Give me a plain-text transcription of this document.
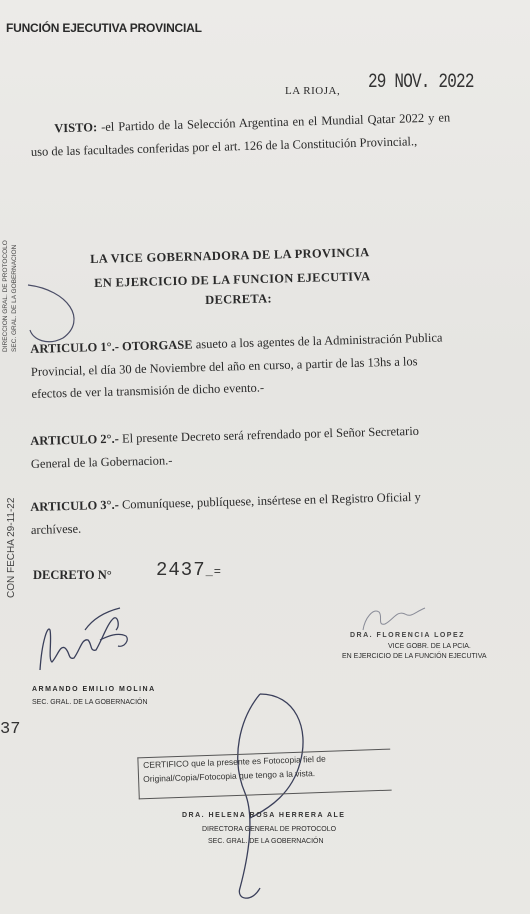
FUNCIÓN EJECUTIVA PROVINCIAL
LA RIOJA, 29 NOV. 2022
VISTO: -el Partido de la Selección Argentina en el Mundial Qatar 2022 y en uso de las facultades conferidas por el art. 126 de la Constitución Provincial.,
LA VICE GOBERNADORA DE LA PROVINCIA
EN EJERCICIO DE LA FUNCION EJECUTIVA
DECRETA:
ARTICULO 1°.- OTORGASE asueto a los agentes de la Administración Publica Provincial, el día 30 de Noviembre del año en curso, a partir de las 13hs a los efectos de ver la transmisión de dicho evento.-
ARTICULO 2°.- El presente Decreto será refrendado por el Señor Secretario General de la Gobernacion.-
ARTICULO 3°.- Comuníquese, publíquese, insértese en el Registro Oficial y archívese.
DECRETO N° 2437_=
DIRECCION GRAL. DE PROTOCOLO SEC. GRAL. DE LA GOBERNACION
CON FECHA 29-11-22
ARMANDO EMILIO MOLINA
SEC. GRAL. DE LA GOBERNACIÓN
DRA. FLORENCIA LOPEZ
VICE GOBR. DE LA PCIA.
EN EJERCICIO DE LA FUNCIÓN EJECUTIVA
37
CERTIFICO que la presente es Fotocopia fiel de
Original/Copia/Fotocopia que tengo a la vista.
DRA. HELENA ROSA HERRERA ALE
DIRECTORA GENERAL DE PROTOCOLO
SEC. GRAL. DE LA GOBERNACIÓN
